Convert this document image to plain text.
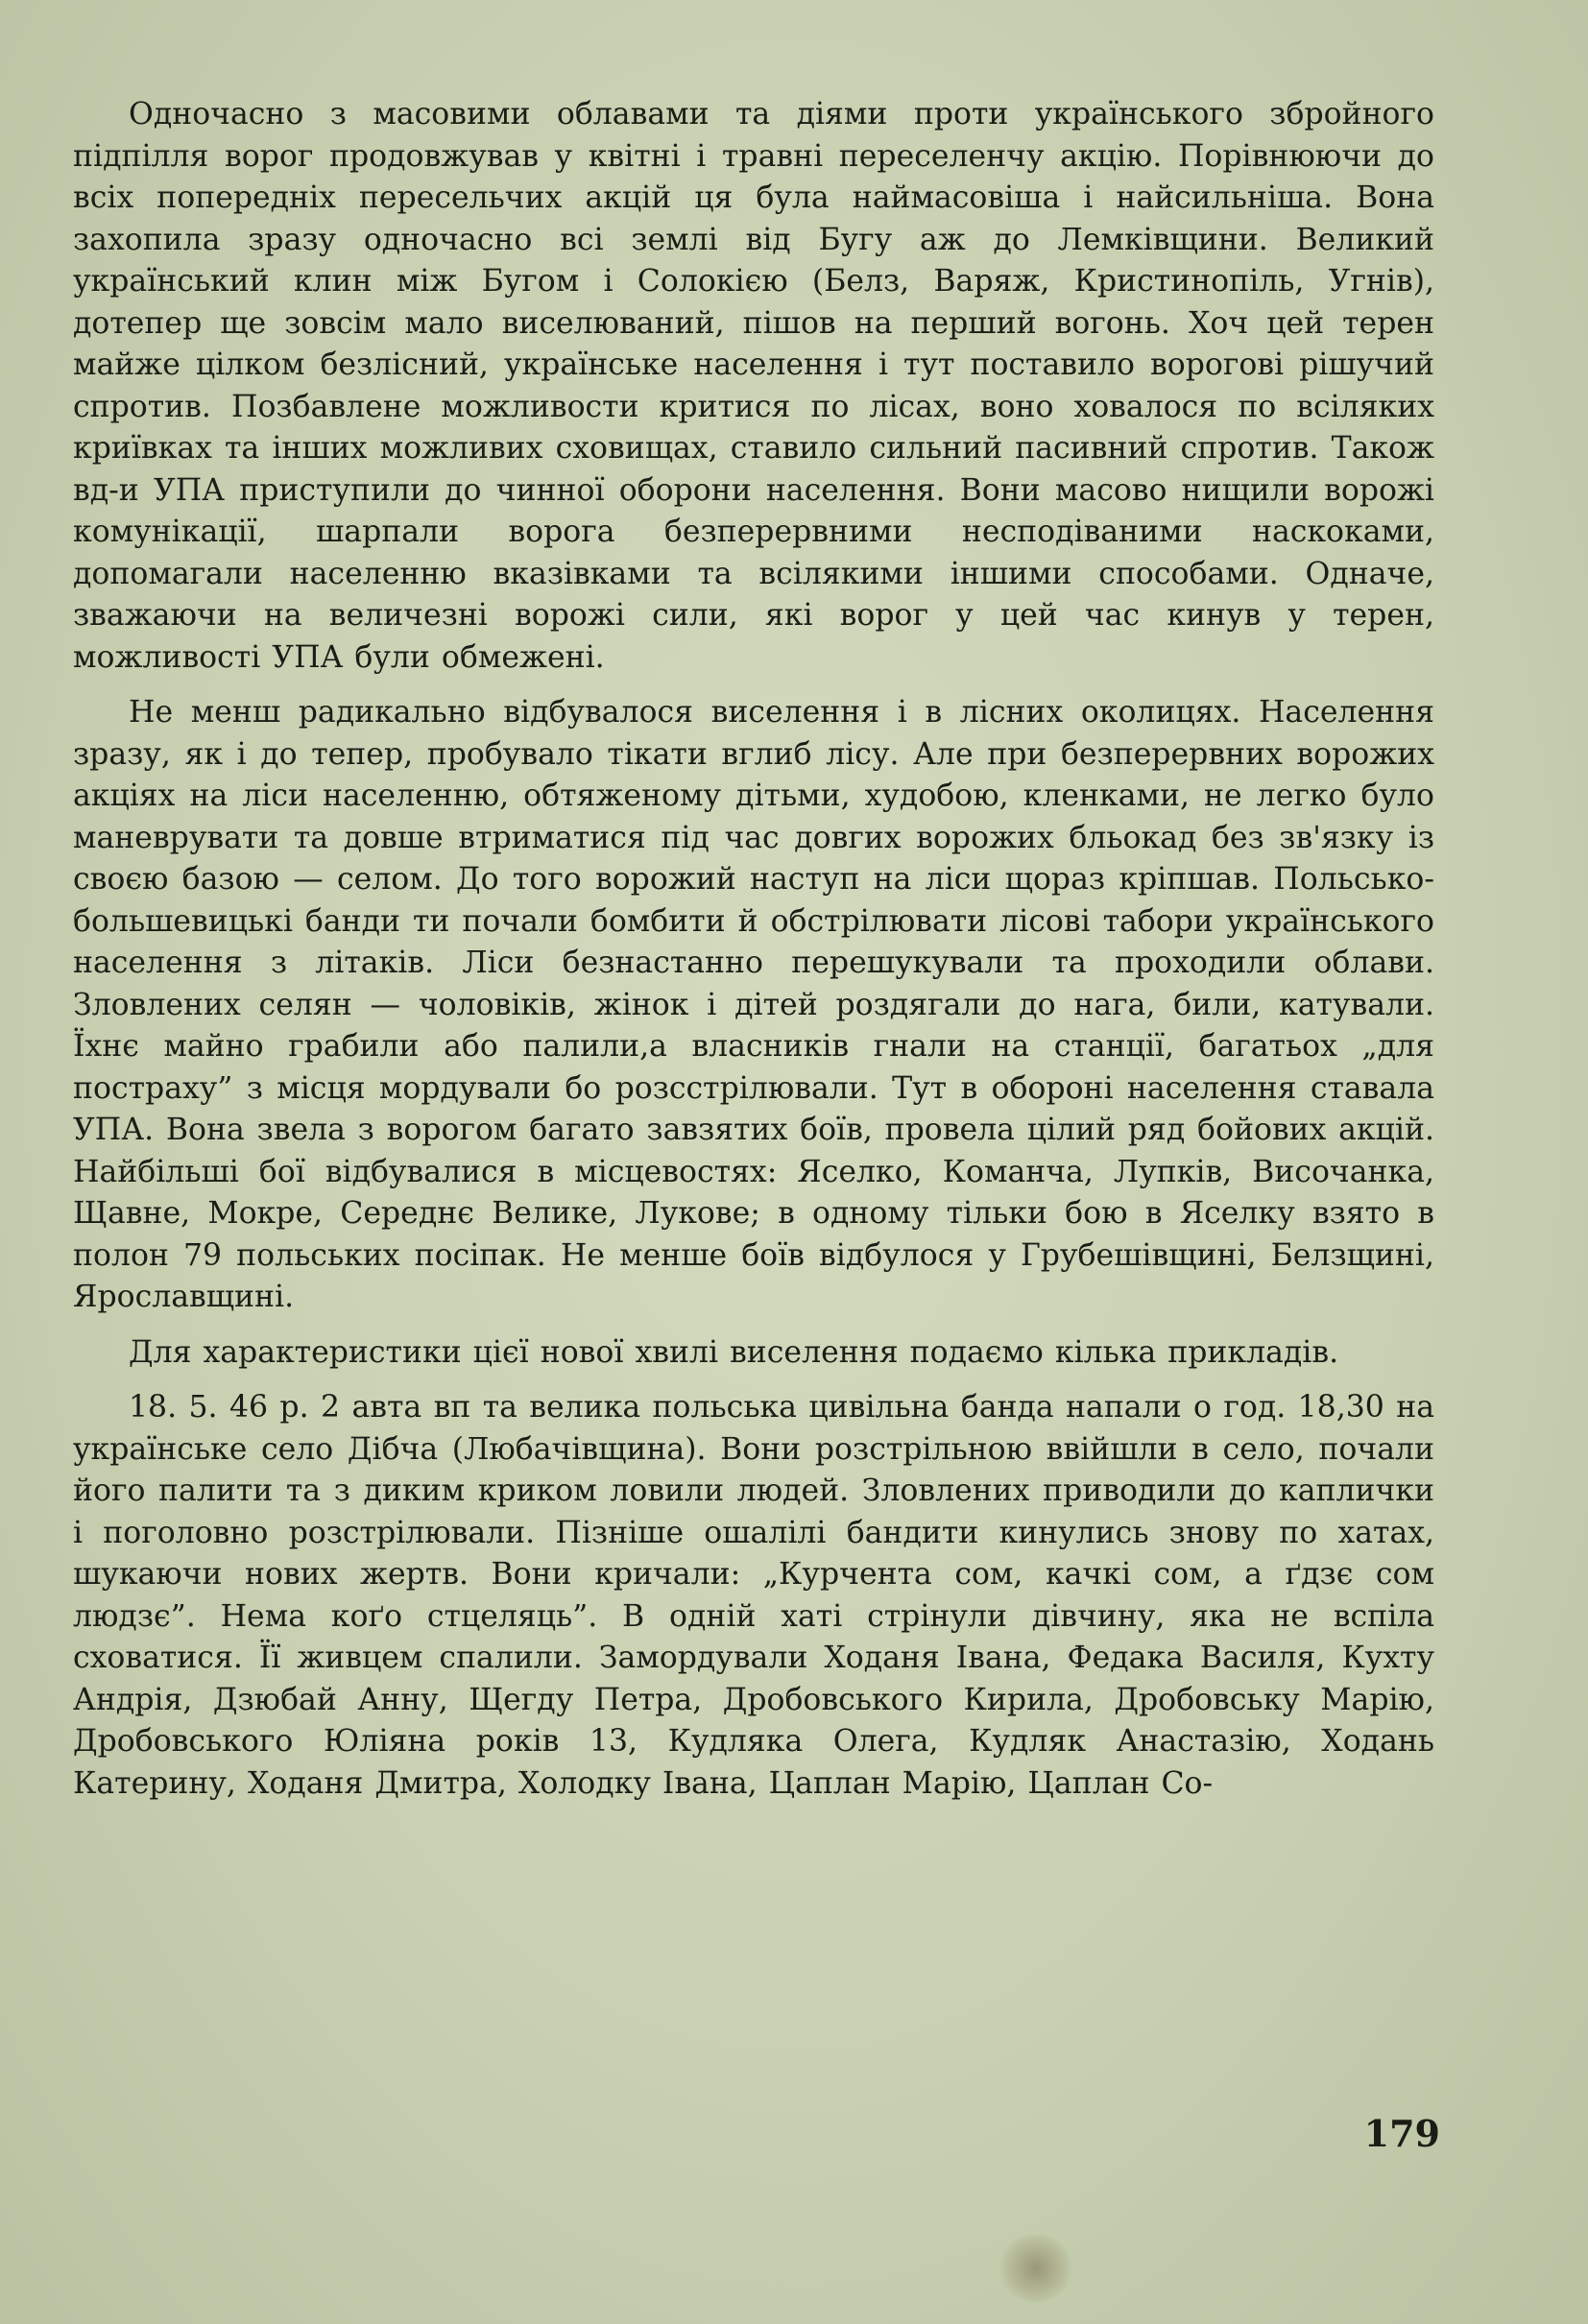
Одночасно з масовими облавами та діями проти українського збройного підпілля ворог продовжував у квітні і травні переселенчу акцію. Порівнюючи до всіх попередніх пересельчих акцій ця була наймасовіша і найсильніша. Вона захопила зразу одночасно всі землі від Бугу аж до Лемківщини. Великий український клин між Бугом і Солокією (Белз, Варяж, Кристинопіль, Угнів), дотепер ще зовсім мало виселюваний, пішов на перший вогонь. Хоч цей терен майже цілком безлісний, українське населення і тут поставило ворогові рішучий спротив. Позбавлене можливости критися по лісах, воно ховалося по всіляких криївках та інших можливих сховищах, ставило сильний пасивний спротив. Також вд-и УПА приступили до чинної оборони населення. Вони масово нищили ворожі комунікації, шарпали ворога безперервними несподіваними наскоками, допомагали населенню вказівками та всілякими іншими способами. Одначе, зважаючи на величезні ворожі сили, які ворог у цей час кинув у терен, можливості УПА були обмежені.

Не менш радикально відбувалося виселення і в лісних околицях. Населення зразу, як і до тепер, пробувало тікати вглиб лісу. Але при безперервних ворожих акціях на ліси населенню, обтяженому дітьми, худобою, кленками, не легко було маневрувати та довше втриматися під час довгих ворожих бльокад без зв'язку із своєю базою — селом. До того ворожий наступ на ліси щораз кріпшав. Польсько-большевицькі банди ти почали бомбити й обстрілювати лісові табори українського населення з літаків. Ліси безнастанно перешукували та проходили облави. Зловлених селян — чоловіків, жінок і дітей роздягали до нага, били, катували. Їхнє майно грабили або палили,а власників гнали на станції, багатьох „для постраху” з місця мордували бо розсстрілювали. Тут в обороні населення ставала УПА. Вона звела з ворогом багато завзятих боїв, провела цілий ряд бойових акцій. Найбільші бої відбувалися в місцевостях: Яселко, Команча, Лупків, Височанка, Щавне, Мокре, Середнє Велике, Лукове; в одному тільки бою в Яселку взято в полон 79 польських посіпак. Не менше боїв відбулося у Грубешівщині, Белзщині, Ярославщині.

Для характеристики цієї нової хвилі виселення подаємо кілька прикладів.

18. 5. 46 р. 2 авта вп та велика польська цивільна банда напали о год. 18,30 на українське село Дібча (Любачівщина). Вони розстрільною ввійшли в село, почали його палити та з диким криком ловили людей. Зловлених приводили до каплички і поголовно розстрілювали. Пізніше ошалілі бандити кинулись знову по хатах, шукаючи нових жертв. Вони кричали: „Курчента сом, качкі сом, а ґдзє сом людзє”. Нема коґо стцеляць”. В одній хаті стрінули дівчину, яка не вспіла сховатися. Її живцем спалили. Замордували Ходаня Івана, Федака Василя, Кухту Андрія, Дзюбай Анну, Щегду Петра, Дробовського Кирила, Дробовську Марію, Дробовського Юліяна років 13, Кудляка Олега, Кудляк Анастазію, Ходань Катерину, Ходаня Дмитра, Холодку Івана, Цаплан Марію, Цаплан Со-

179
